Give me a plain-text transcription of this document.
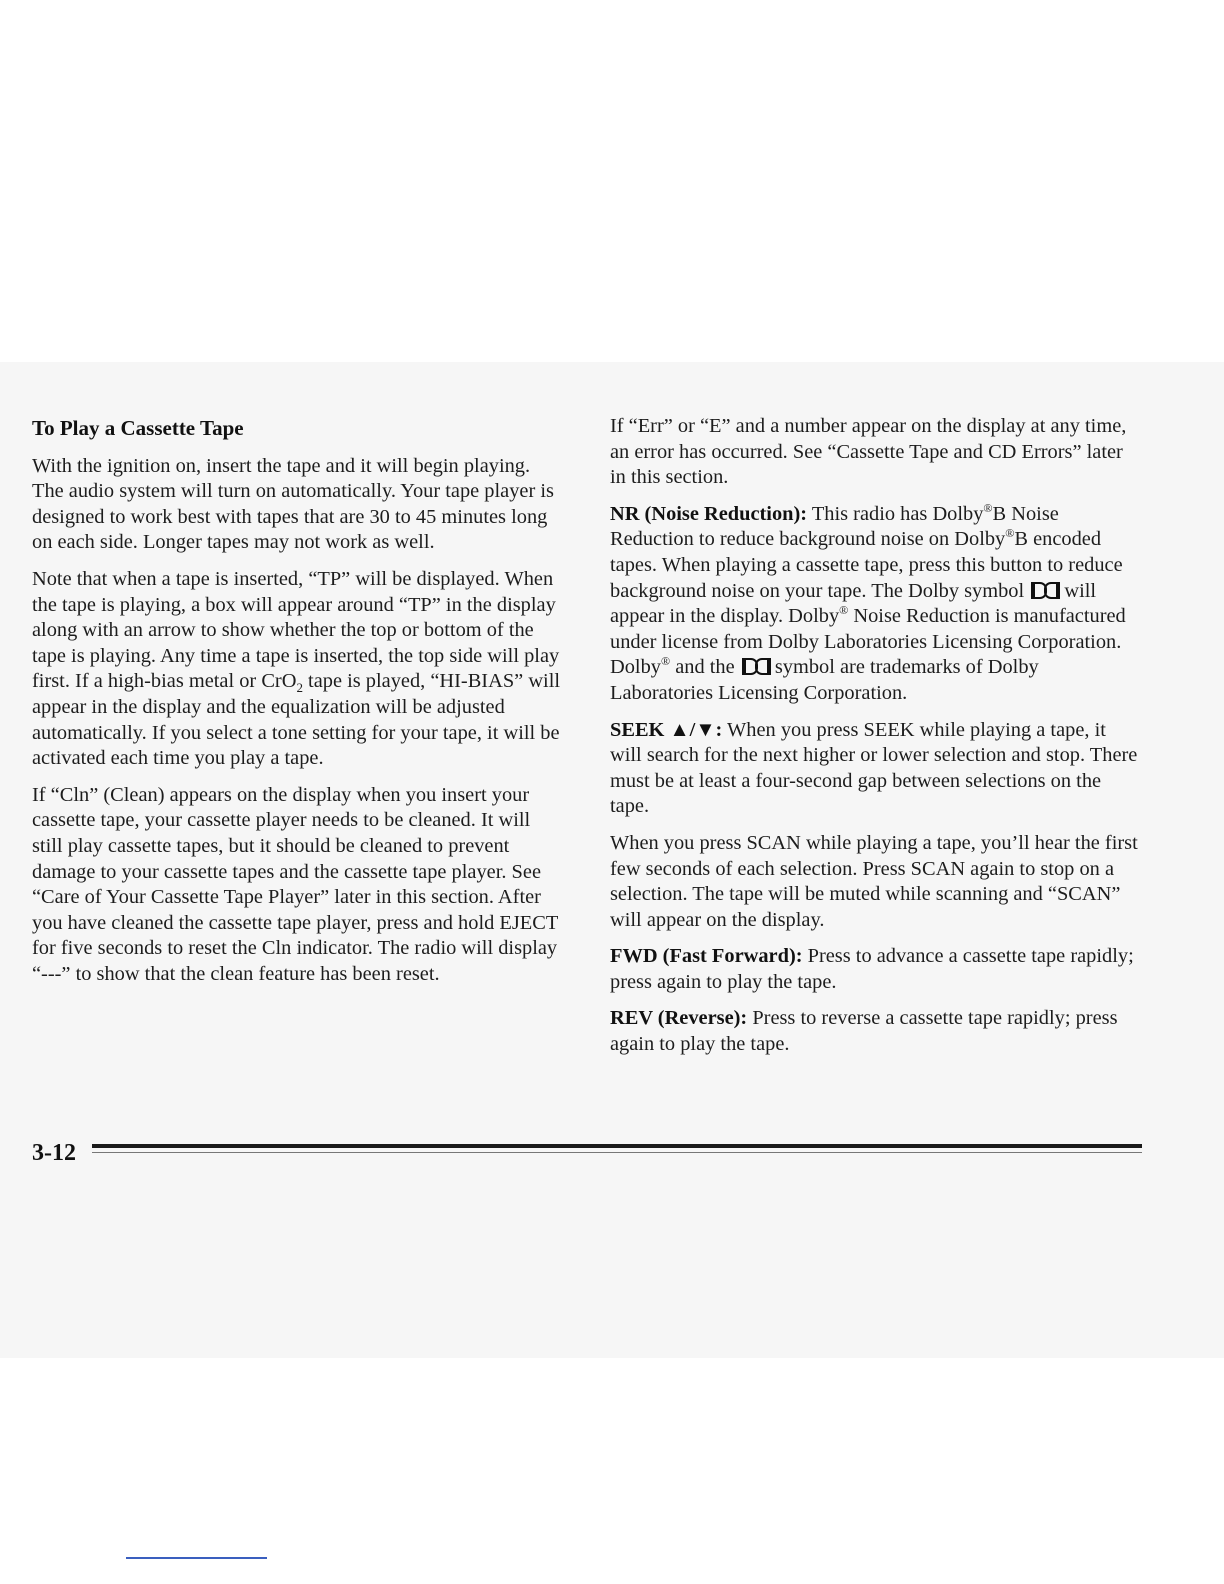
To Play a Cassette Tape

With the ignition on, insert the tape and it will begin playing. The audio system will turn on automatically. Your tape player is designed to work best with tapes that are 30 to 45 minutes long on each side. Longer tapes may not work as well.

Note that when a tape is inserted, “TP” will be displayed. When the tape is playing, a box will appear around “TP” in the display along with an arrow to show whether the top or bottom of the tape is playing. Any time a tape is inserted, the top side will play first. If a high-bias metal or CrO$_2$ tape is played, “HI-BIAS” will appear in the display and the equalization will be adjusted automatically. If you select a tone setting for your tape, it will be activated each time you play a tape.

If “Cln” (Clean) appears on the display when you insert your cassette tape, your cassette player needs to be cleaned. It will still play cassette tapes, but it should be cleaned to prevent damage to your cassette tapes and the cassette tape player. See “Care of Your Cassette Tape Player” later in this section. After you have cleaned the cassette tape player, press and hold EJECT for five seconds to reset the Cln indicator. The radio will display “---” to show that the clean feature has been reset.

If “Err” or “E” and a number appear on the display at any time, an error has occurred. See “Cassette Tape and CD Errors” later in this section.

NR (Noise Reduction): This radio has Dolby®B Noise Reduction to reduce background noise on Dolby®B encoded tapes. When playing a cassette tape, press this button to reduce background noise on your tape. The Dolby symbol
will appear in the display. Dolby® Noise Reduction is manufactured under license from Dolby Laboratories Licensing Corporation. Dolby® and the
symbol are trademarks of Dolby Laboratories Licensing Corporation.

SEEK ▲/▼: When you press SEEK while playing a tape, it will search for the next higher or lower selection and stop. There must be at least a four-second gap between selections on the tape.

When you press SCAN while playing a tape, you’ll hear the first few seconds of each selection. Press SCAN again to stop on a selection. The tape will be muted while scanning and “SCAN” will appear on the display.

FWD (Fast Forward): Press to advance a cassette tape rapidly; press again to play the tape.

REV (Reverse): Press to reverse a cassette tape rapidly; press again to play the tape.

3-12
